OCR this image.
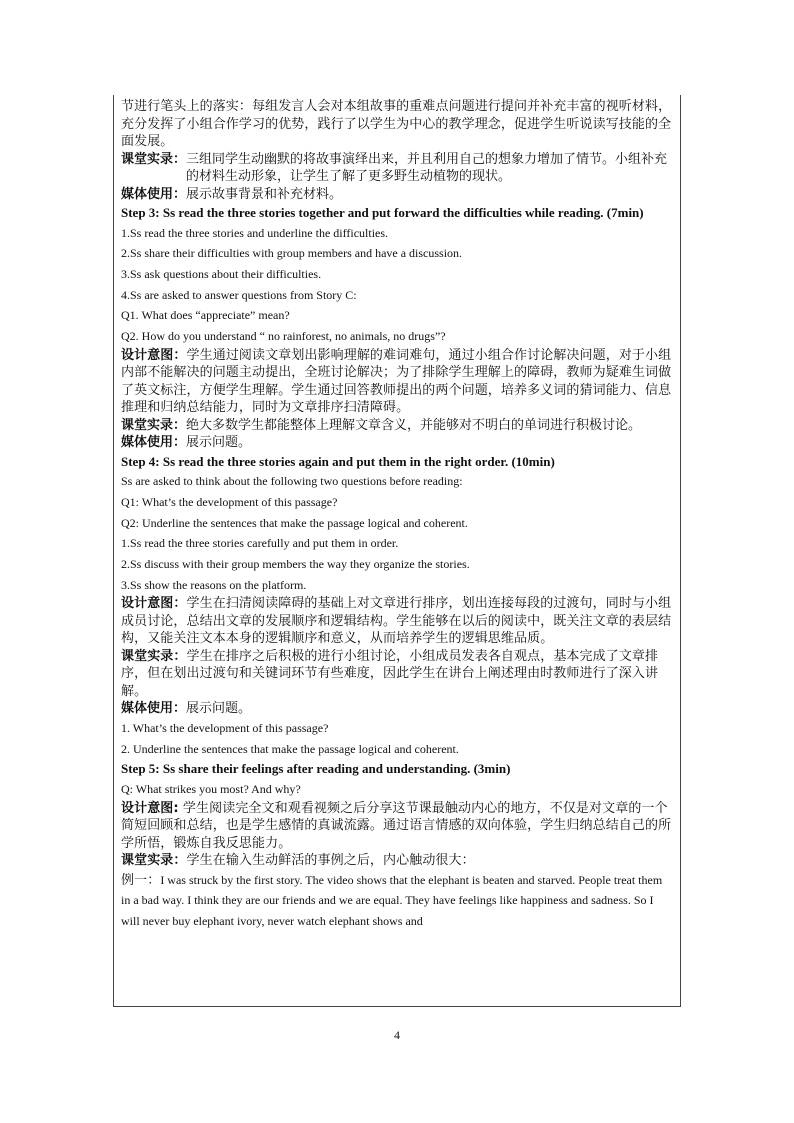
节进行笔头上的落实：每组发言人会对本组故事的重难点问题进行提问并补充丰富的视听材料，充分发挥了小组合作学习的优势，践行了以学生为中心的教学理念，促进学生听说读写技能的全面发展。

课堂实录： 三组同学生动幽默的将故事演绎出来，并且利用自己的想象力增加了情节。小组补充的材料生动形象，让学生了解了更多野生动植物的现状。
媒体使用： 展示故事背景和补充材料。

Step 3: Ss read the three stories together and put forward the difficulties while reading. (7min)

1.Ss read the three stories and underline the difficulties.

2.Ss share their difficulties with group members and have a discussion.

3.Ss ask questions about their difficulties.

4.Ss are asked to answer questions from Story C:

Q1. What does “appreciate” mean?

Q2. How do you understand “ no rainforest, no animals, no drugs”?

设计意图：学生通过阅读文章划出影响理解的难词难句，通过小组合作讨论解决问题，对于小组内部不能解决的问题主动提出，全班讨论解决；为了排除学生理解上的障碍，教师为疑难生词做了英文标注，方便学生理解。学生通过回答教师提出的两个问题，培养多义词的猜词能力、信息推理和归纳总结能力，同时为文章排序扫清障碍。

课堂实录： 绝大多数学生都能整体上理解文章含义，并能够对不明白的单词进行积极讨论。
媒体使用： 展示问题。

Step 4: Ss read the three stories again and put them in the right order. (10min)

Ss are asked to think about the following two questions before reading:

Q1: What’s the development of this passage?

Q2: Underline the sentences that make the passage logical and coherent.

1.Ss read the three stories carefully and put them in order.

2.Ss discuss with their group members the way they organize the stories.

3.Ss show the reasons on the platform.

设计意图：学生在扫清阅读障碍的基础上对文章进行排序，划出连接每段的过渡句，同时与小组成员讨论，总结出文章的发展顺序和逻辑结构。学生能够在以后的阅读中，既关注文章的表层结构，又能关注文本本身的逻辑顺序和意义，从而培养学生的逻辑思维品质。

课堂实录：学生在排序之后积极的进行小组讨论，小组成员发表各自观点，基本完成了文章排序，但在划出过渡句和关键词环节有些难度，因此学生在讲台上阐述理由时教师进行了深入讲解。

媒体使用： 展示问题。

1. What’s the development of this passage?

2. Underline the sentences that make the passage logical and coherent.

Step 5: Ss share their feelings after reading and understanding. (3min)

Q: What strikes you most? And why?

设计意图: 学生阅读完全文和观看视频之后分享这节课最触动内心的地方，不仅是对文章的一个简短回顾和总结，也是学生感情的真诚流露。通过语言情感的双向体验，学生归纳总结自己的所学所悟，锻炼自我反思能力。

课堂实录：学生在输入生动鲜活的事例之后，内心触动很大：

例一：I was struck by the first story. The video shows that the elephant is beaten and starved. People treat them in a bad way. I think they are our friends and we are equal. They have feelings like happiness and sadness. So I will never buy elephant ivory, never watch elephant shows and

4
